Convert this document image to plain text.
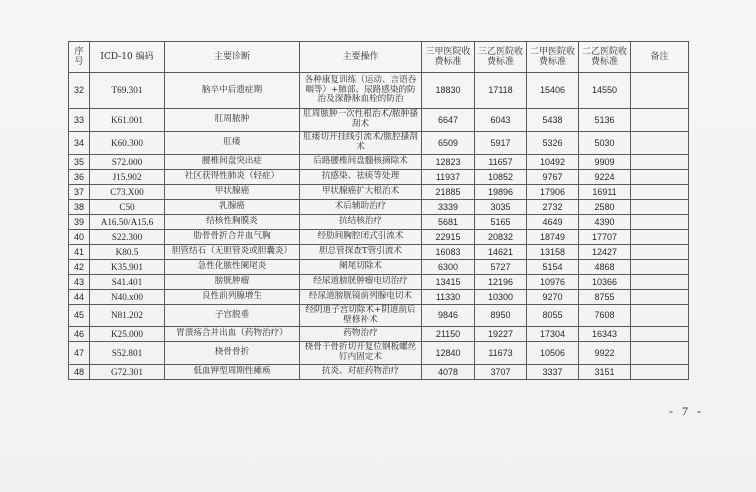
序号	ICD-10 编码	主要诊断	主要操作	三甲医院收费标准	三乙医院收费标准	二甲医院收费标准	二乙医院收费标准	备注
32	T69.301	脑卒中后遗症期	各种康复训练（运动、言语吞咽等）+肺部、尿路感染的防治及深静脉血栓的防治	18830	17118	15406	14550	
33	K61.001	肛周脓肿	肛周脓肿一次性根治术/脓肿搔刮术	6647	6043	5438	5136	
34	K60.300	肛瘘	肛瘘切开挂线引流术/脓腔搔刮术	6509	5917	5326	5030	
35	S72.000	腰椎间盘突出症	后路腰椎间盘髓核摘除术	12823	11657	10492	9909	
36	J15.902	社区获得性肺炎（轻症）	抗感染、祛痰等处理	11937	10852	9767	9224	
37	C73.X00	甲状腺癌	甲状腺癌扩大根治术	21885	19896	17906	16911	
38	C50	乳腺癌	术后辅助治疗	3339	3035	2732	2580	
39	A16.50/A15.6	结核性胸膜炎	抗结核治疗	5681	5165	4649	4390	
40	S22.300	肋骨骨折合并血气胸	经肋间胸腔闭式引流术	22915	20832	18749	17707	
41	K80.5	胆管结石（无胆管炎或胆囊炎）	胆总管探查T管引流术	16083	14621	13158	12427	
42	K35.901	急性化脓性阑尾炎	阑尾切除术	6300	5727	5154	4868	
43	S41.401	膀胱肿瘤	经尿道膀胱肿瘤电切治疗	13415	12196	10976	10366	
44	N40.x00	良性前列腺增生	经尿道膀胱镜前列腺电切术	11330	10300	9270	8755	
45	N81.202	子宫脱垂	经阴道子宫切除术+阴道前后壁修补术	9846	8950	8055	7608	
46	K25.000	胃溃疡合并出血（药物治疗）	药物治疗	21150	19227	17304	16343	
47	S52.801	桡骨骨折	桡骨干骨折切开复位钢板螺丝钉内固定术	12840	11673	10506	9922	
48	G72.301	低血钾型周期性瘫痪	抗炎、对症药物治疗	4078	3707	3337	3151	
- 7 -
